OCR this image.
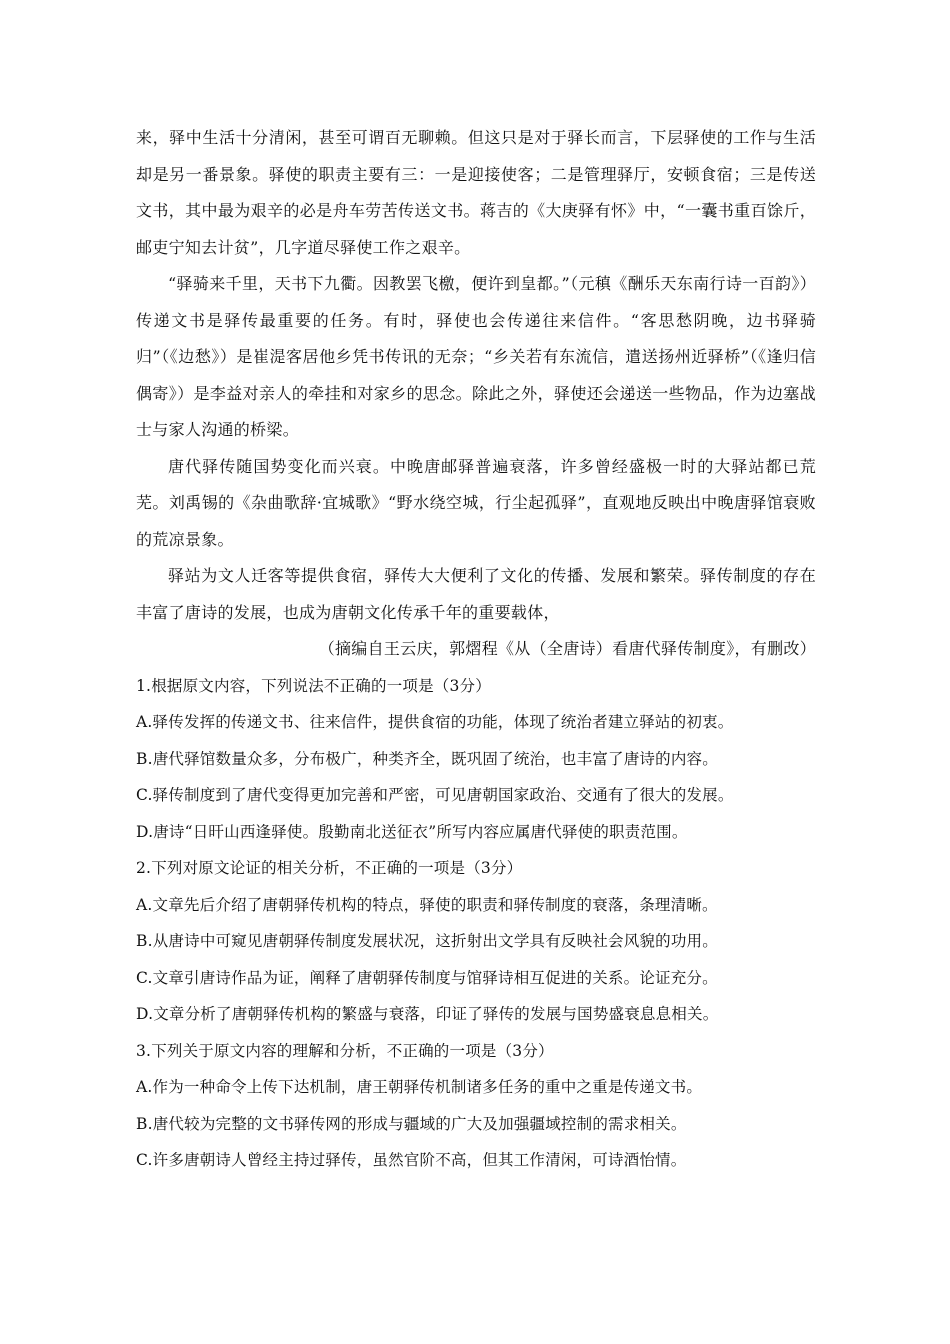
来，驿中生活十分清闲，甚至可谓百无聊赖。但这只是对于驿长而言，下层驿使的工作与生活却是另一番景象。驿使的职责主要有三：一是迎接使客；二是管理驿厅，安顿食宿；三是传送文书，其中最为艰辛的必是舟车劳苦传送文书。蒋吉的《大庚驿有怀》中，“一囊书重百馀斤，邮吏宁知去计贫”，几字道尽驿使工作之艰辛。

“驿骑来千里，天书下九衢。因教罢飞檄，便许到皇都。”（元稹《酬乐天东南行诗一百韵》）传递文书是驿传最重要的任务。有时，驿使也会传递往来信件。“客思愁阴晚，边书驿骑归”（《边愁》）是崔湜客居他乡凭书传讯的无奈；“乡关若有东流信，遣送扬州近驿桥”（《逢归信偶寄》）是李益对亲人的牵挂和对家乡的思念。除此之外，驿使还会递送一些物品，作为边塞战士与家人沟通的桥梁。

唐代驿传随国势变化而兴衰。中晚唐邮驿普遍衰落，许多曾经盛极一时的大驿站都已荒芜。刘禹锡的《杂曲歌辞·宜城歌》“野水绕空城，行尘起孤驿”，直观地反映出中晚唐驿馆衰败的荒凉景象。

驿站为文人迁客等提供食宿，驿传大大便利了文化的传播、发展和繁荣。驿传制度的存在丰富了唐诗的发展，也成为唐朝文化传承千年的重要载体，

（摘编自王云庆，郭熠程《从（全唐诗）看唐代驿传制度》，有删改）

1.根据原文内容，下列说法不正确的一项是（3分）

A.驿传发挥的传递文书、往来信件，提供食宿的功能，体现了统治者建立驿站的初衷。

B.唐代驿馆数量众多，分布极广，种类齐全，既巩固了统治，也丰富了唐诗的内容。

C.驿传制度到了唐代变得更加完善和严密，可见唐朝国家政治、交通有了很大的发展。

D.唐诗“日旰山西逢驿使。殷勤南北送征衣”所写内容应属唐代驿使的职责范围。

2.下列对原文论证的相关分析，不正确的一项是（3分）

A.文章先后介绍了唐朝驿传机构的特点，驿使的职责和驿传制度的衰落，条理清晰。

B.从唐诗中可窥见唐朝驿传制度发展状况，这折射出文学具有反映社会风貌的功用。

C.文章引唐诗作品为证，阐释了唐朝驿传制度与馆驿诗相互促进的关系。论证充分。

D.文章分析了唐朝驿传机构的繁盛与衰落，印证了驿传的发展与国势盛衰息息相关。

3.下列关于原文内容的理解和分析，不正确的一项是（3分）

A.作为一种命令上传下达机制，唐王朝驿传机制诸多任务的重中之重是传递文书。

B.唐代较为完整的文书驿传网的形成与疆域的广大及加强疆域控制的需求相关。

C.许多唐朝诗人曾经主持过驿传，虽然官阶不高，但其工作清闲，可诗酒怡情。
